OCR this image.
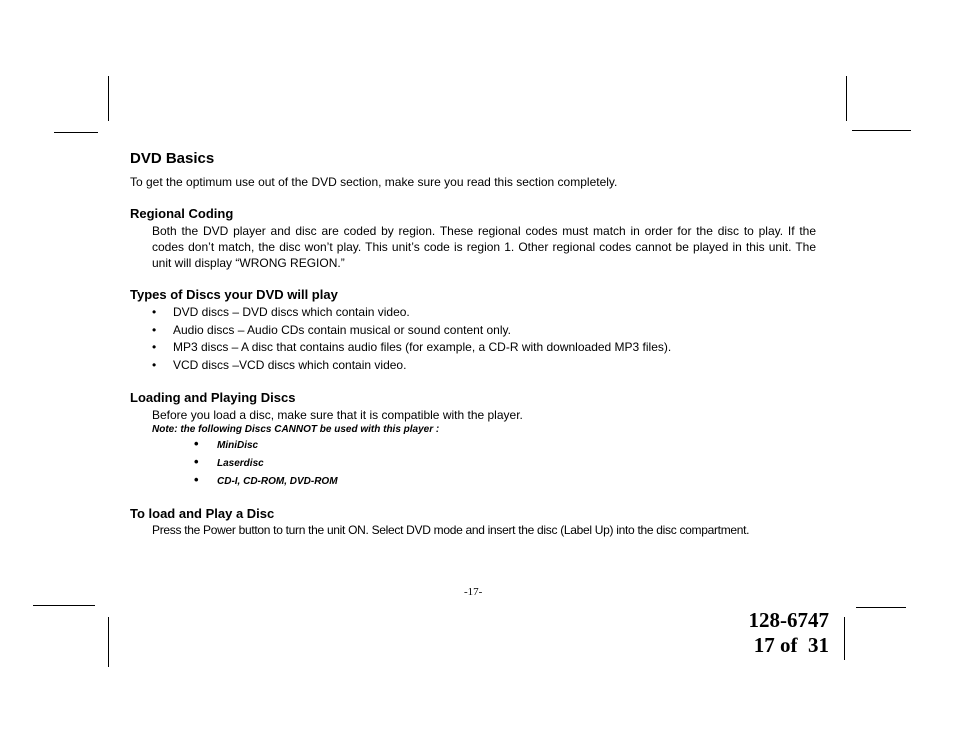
DVD Basics

To get the optimum use out of the DVD section, make sure you read this section completely.

Regional Coding

Both the DVD player and disc are coded by region. These regional codes must match in order for the disc to play. If the codes don’t match, the disc won’t play. This unit’s code is region 1. Other regional codes cannot be played in this unit. The unit will display “WRONG REGION.”

Types of Discs your DVD will play
• DVD discs – DVD discs which contain video.
• Audio discs – Audio CDs contain musical or sound content only.
• MP3 discs – A disc that contains audio files (for example, a CD-R with downloaded MP3 files).
• VCD discs –VCD discs which contain video.
Loading and Playing Discs

Before you load a disc, make sure that it is compatible with the player.

Note: the following Discs CANNOT be used with this player :

• MiniDisc
• Laserdisc
• CD-I, CD-ROM, DVD-ROM
To load and Play a Disc

Press the Power button to turn the unit ON. Select DVD mode and insert the disc (Label Up) into the disc compartment.

-17-

128-6747
17 of  31
